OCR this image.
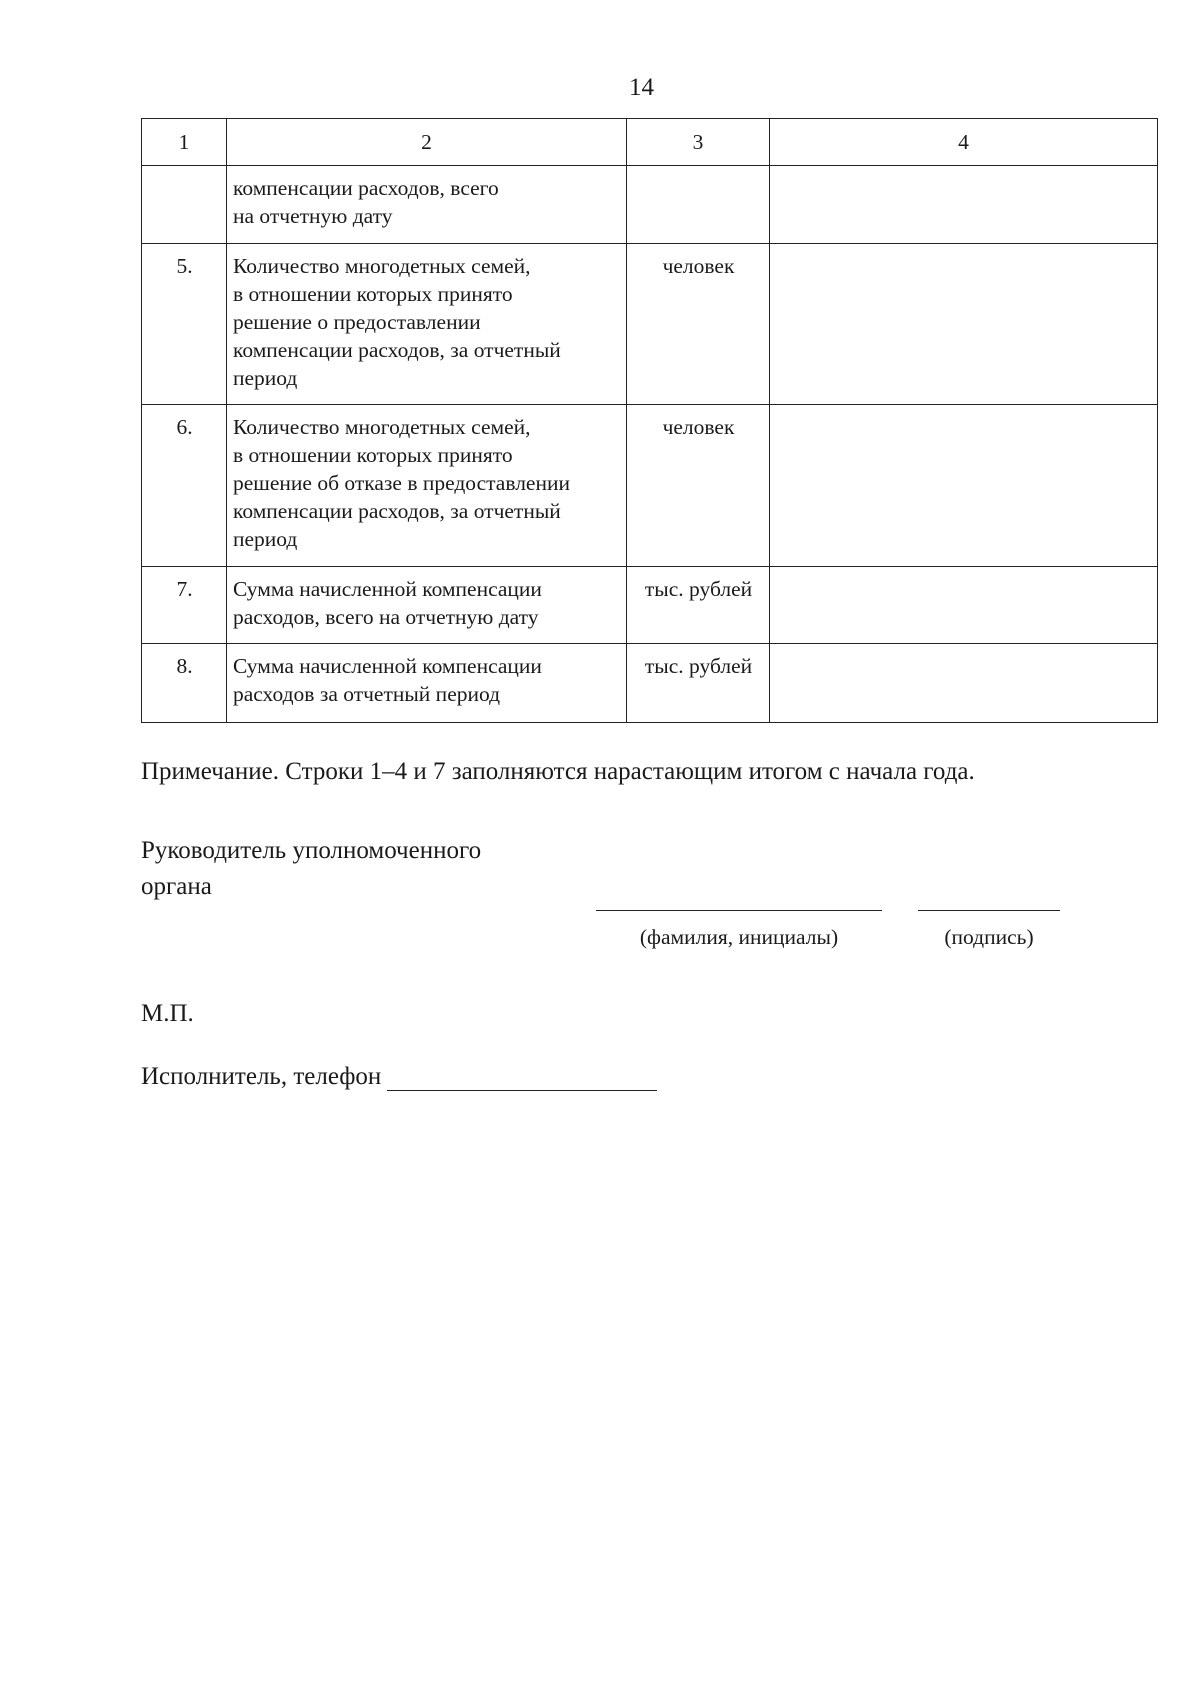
14
1	2	3	4
	компенсации расходов, всего
на отчетную дату		
5.	Количество многодетных семей,
в отношении которых принято
решение о предоставлении
компенсации расходов, за отчетный
период	человек	
6.	Количество многодетных семей,
в отношении которых принято
решение об отказе в предоставлении
компенсации расходов, за отчетный
период	человек	
7.	Сумма начисленной компенсации
расходов, всего на отчетную дату	тыс. рублей	
8.	Сумма начисленной компенсации
расходов за отчетный период	тыс. рублей	
Примечание. Строки 1–4 и 7 заполняются нарастающим итогом с начала года.
Руководитель уполномоченного
органа
(фамилия, инициалы)	(подпись)
М.П.
Исполнитель, телефон
